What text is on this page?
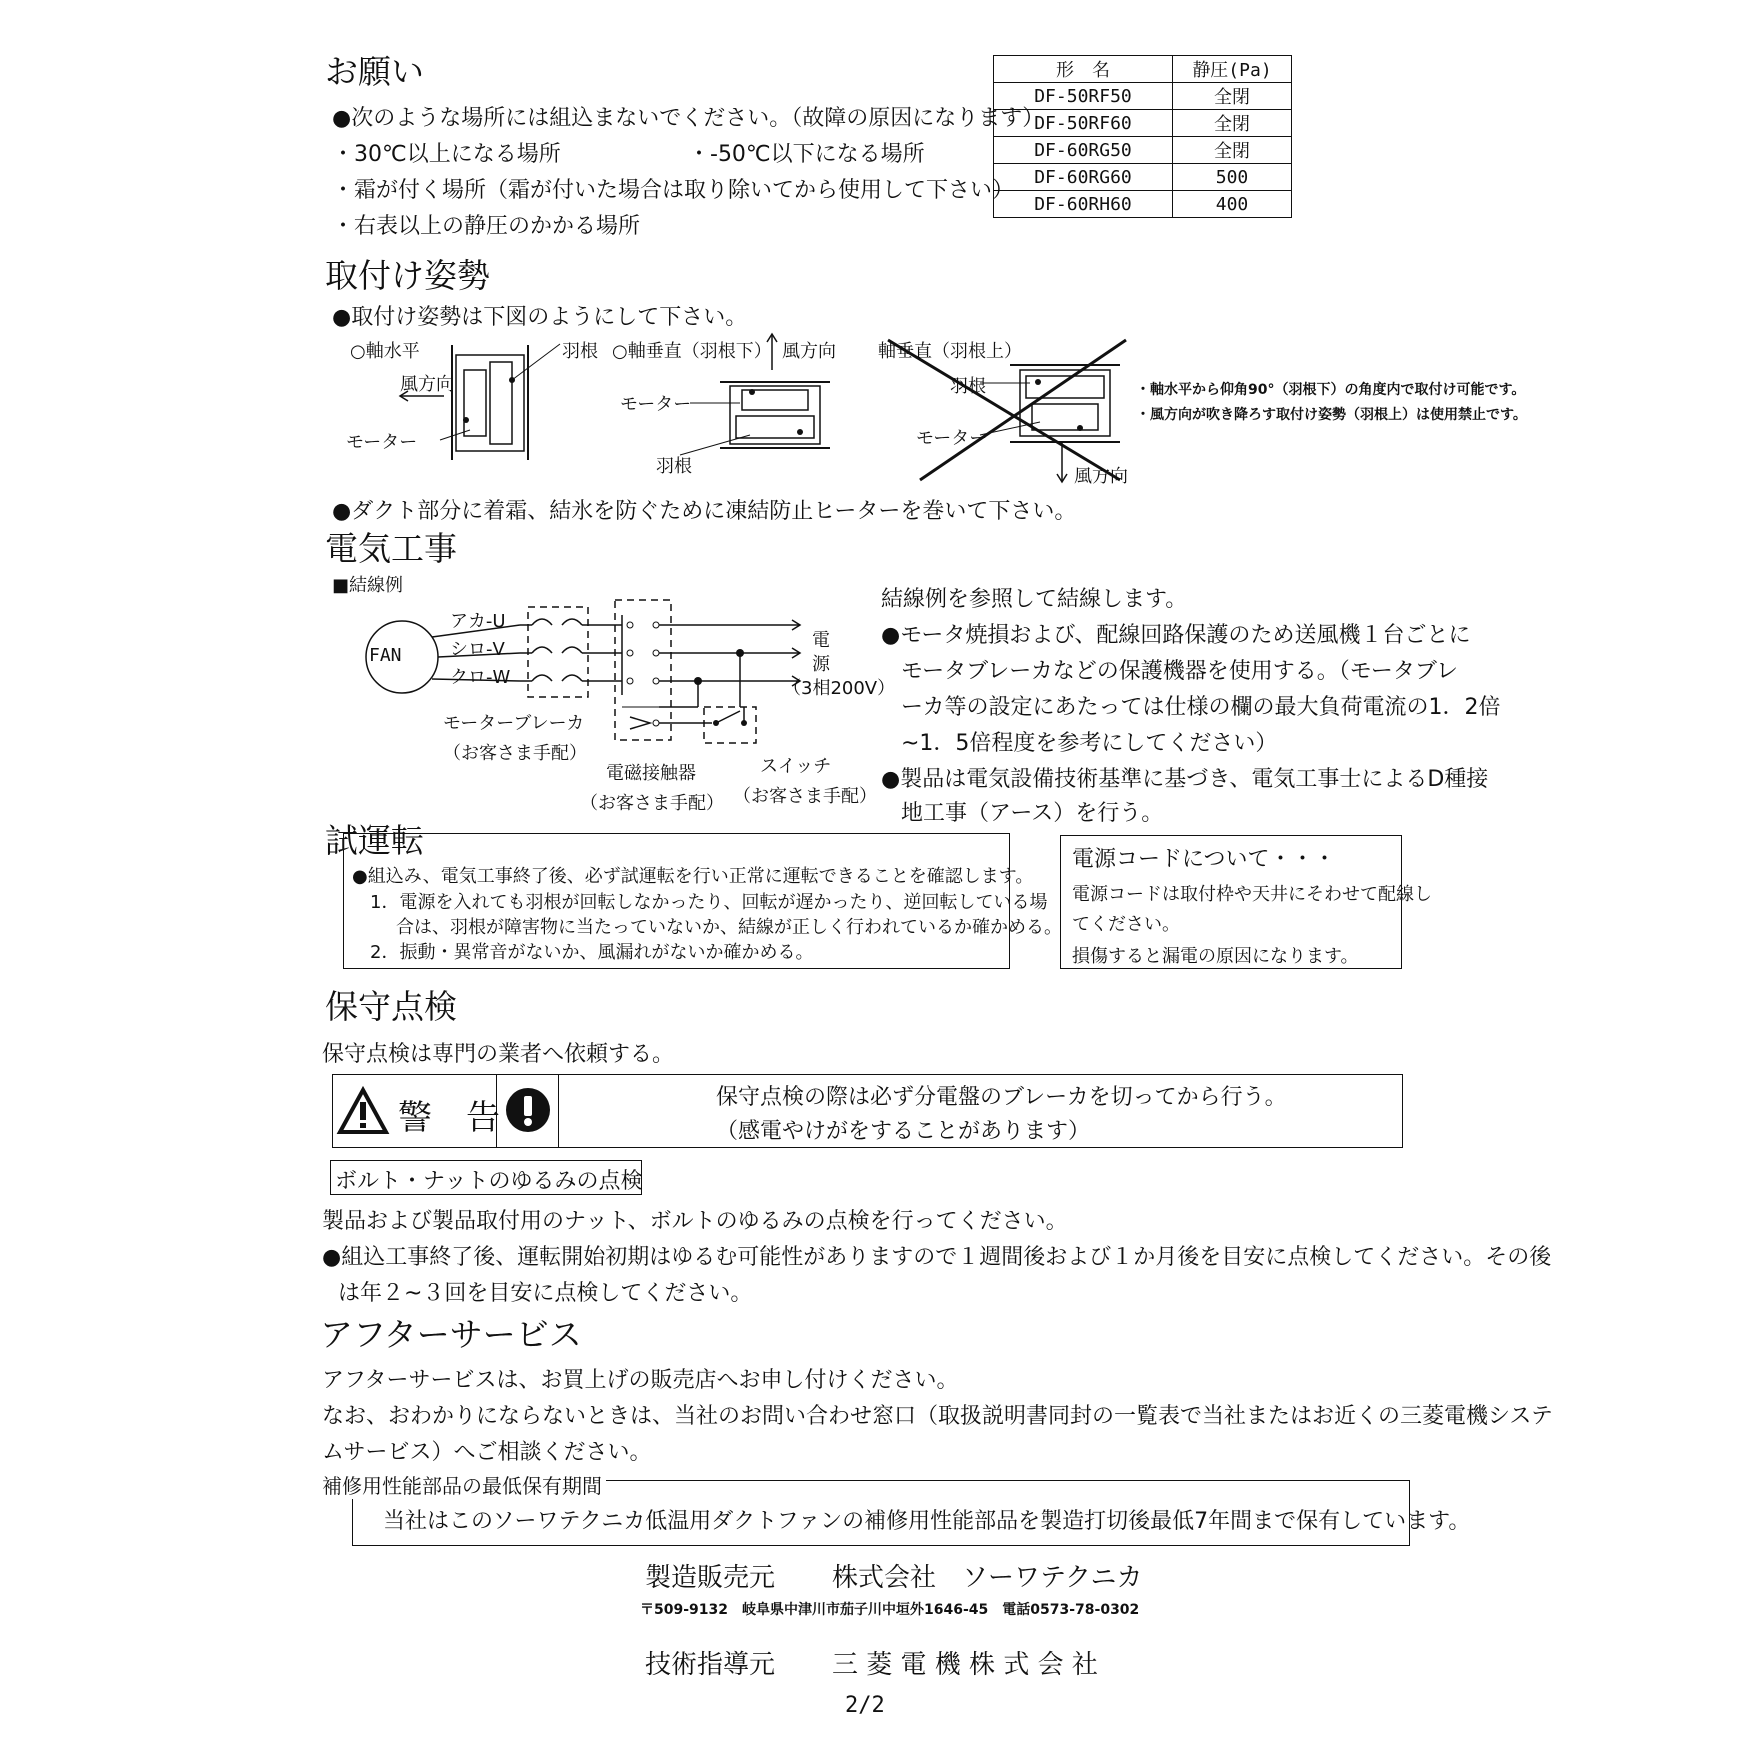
お願い
●次のような場所には組込まないでください。（故障の原因になります）
・30℃以上になる場所	・-50℃以下になる場所
・霜が付く場所（霜が付いた場合は取り除いてから使用して下さい）
・右表以上の静圧のかかる場所
形　名	静圧(Pa)
DF-50RF50	全閉
DF-50RF60	全閉
DF-60RG50	全閉
DF-60RG60	500
DF-60RH60	400
取付け姿勢
●取付け姿勢は下図のようにして下さい。
○軸水平
風方向
モーター
羽根 ○軸垂直（羽根下） 風方向
モーター
羽根
軸垂直（羽根上）
羽根
モーター
風方向
・軸水平から仰角90°（羽根下）の角度内で取付け可能です。
・風方向が吹き降ろす取付け姿勢（羽根上）は使用禁止です。
●ダクト部分に着霜、結氷を防ぐために凍結防止ヒーターを巻いて下さい。
電気工事
■結線例
FAN
アカ-U
シロ-V
クロ-W
モーターブレーカ
（お客さま手配）
電磁接触器
（お客さま手配）
スイッチ
（お客さま手配）
電
源
（3相200V）
結線例を参照して結線します。
●モータ焼損および、配線回路保護のため送風機１台ごとに
モータブレーカなどの保護機器を使用する。（モータブレ
ーカ等の設定にあたっては仕様の欄の最大負荷電流の1．2倍
~1．5倍程度を参考にしてください）
●製品は電気設備技術基準に基づき、電気工事士によるD種接
地工事（アース）を行う。
試運転
●組込み、電気工事終了後、必ず試運転を行い正常に運転できることを確認します。
1．電源を入れても羽根が回転しなかったり、回転が遅かったり、逆回転している場
合は、羽根が障害物に当たっていないか、結線が正しく行われているか確かめる。
2．振動・異常音がないか、風漏れがないか確かめる。
電源コードについて・・・
電源コードは取付枠や天井にそわせて配線し
てください。
損傷すると漏電の原因になります。
保守点検
保守点検は専門の業者へ依頼する。
警　告
保守点検の際は必ず分電盤のブレーカを切ってから行う。
（感電やけがをすることがあります）
ボルト・ナットのゆるみの点検
製品および製品取付用のナット、ボルトのゆるみの点検を行ってください。
●組込工事終了後、運転開始初期はゆるむ可能性がありますので１週間後および１か月後を目安に点検してください。その後
は年２~３回を目安に点検してください。
アフターサービス
アフターサービスは、お買上げの販売店へお申し付けください。
なお、おわかりにならないときは、当社のお問い合わせ窓口（取扱説明書同封の一覧表で当社またはお近くの三菱電機システ
ムサービス）へご相談ください。
補修用性能部品の最低保有期間
当社はこのソーワテクニカ低温用ダクトファンの補修用性能部品を製造打切後最低7年間まで保有しています。
製造販売元 株式会社　ソーワテクニカ
〒509-9132　岐阜県中津川市茄子川中垣外1646-45　電話0573-78-0302
技術指導元 三 菱 電 機 株 式 会 社
2/2
